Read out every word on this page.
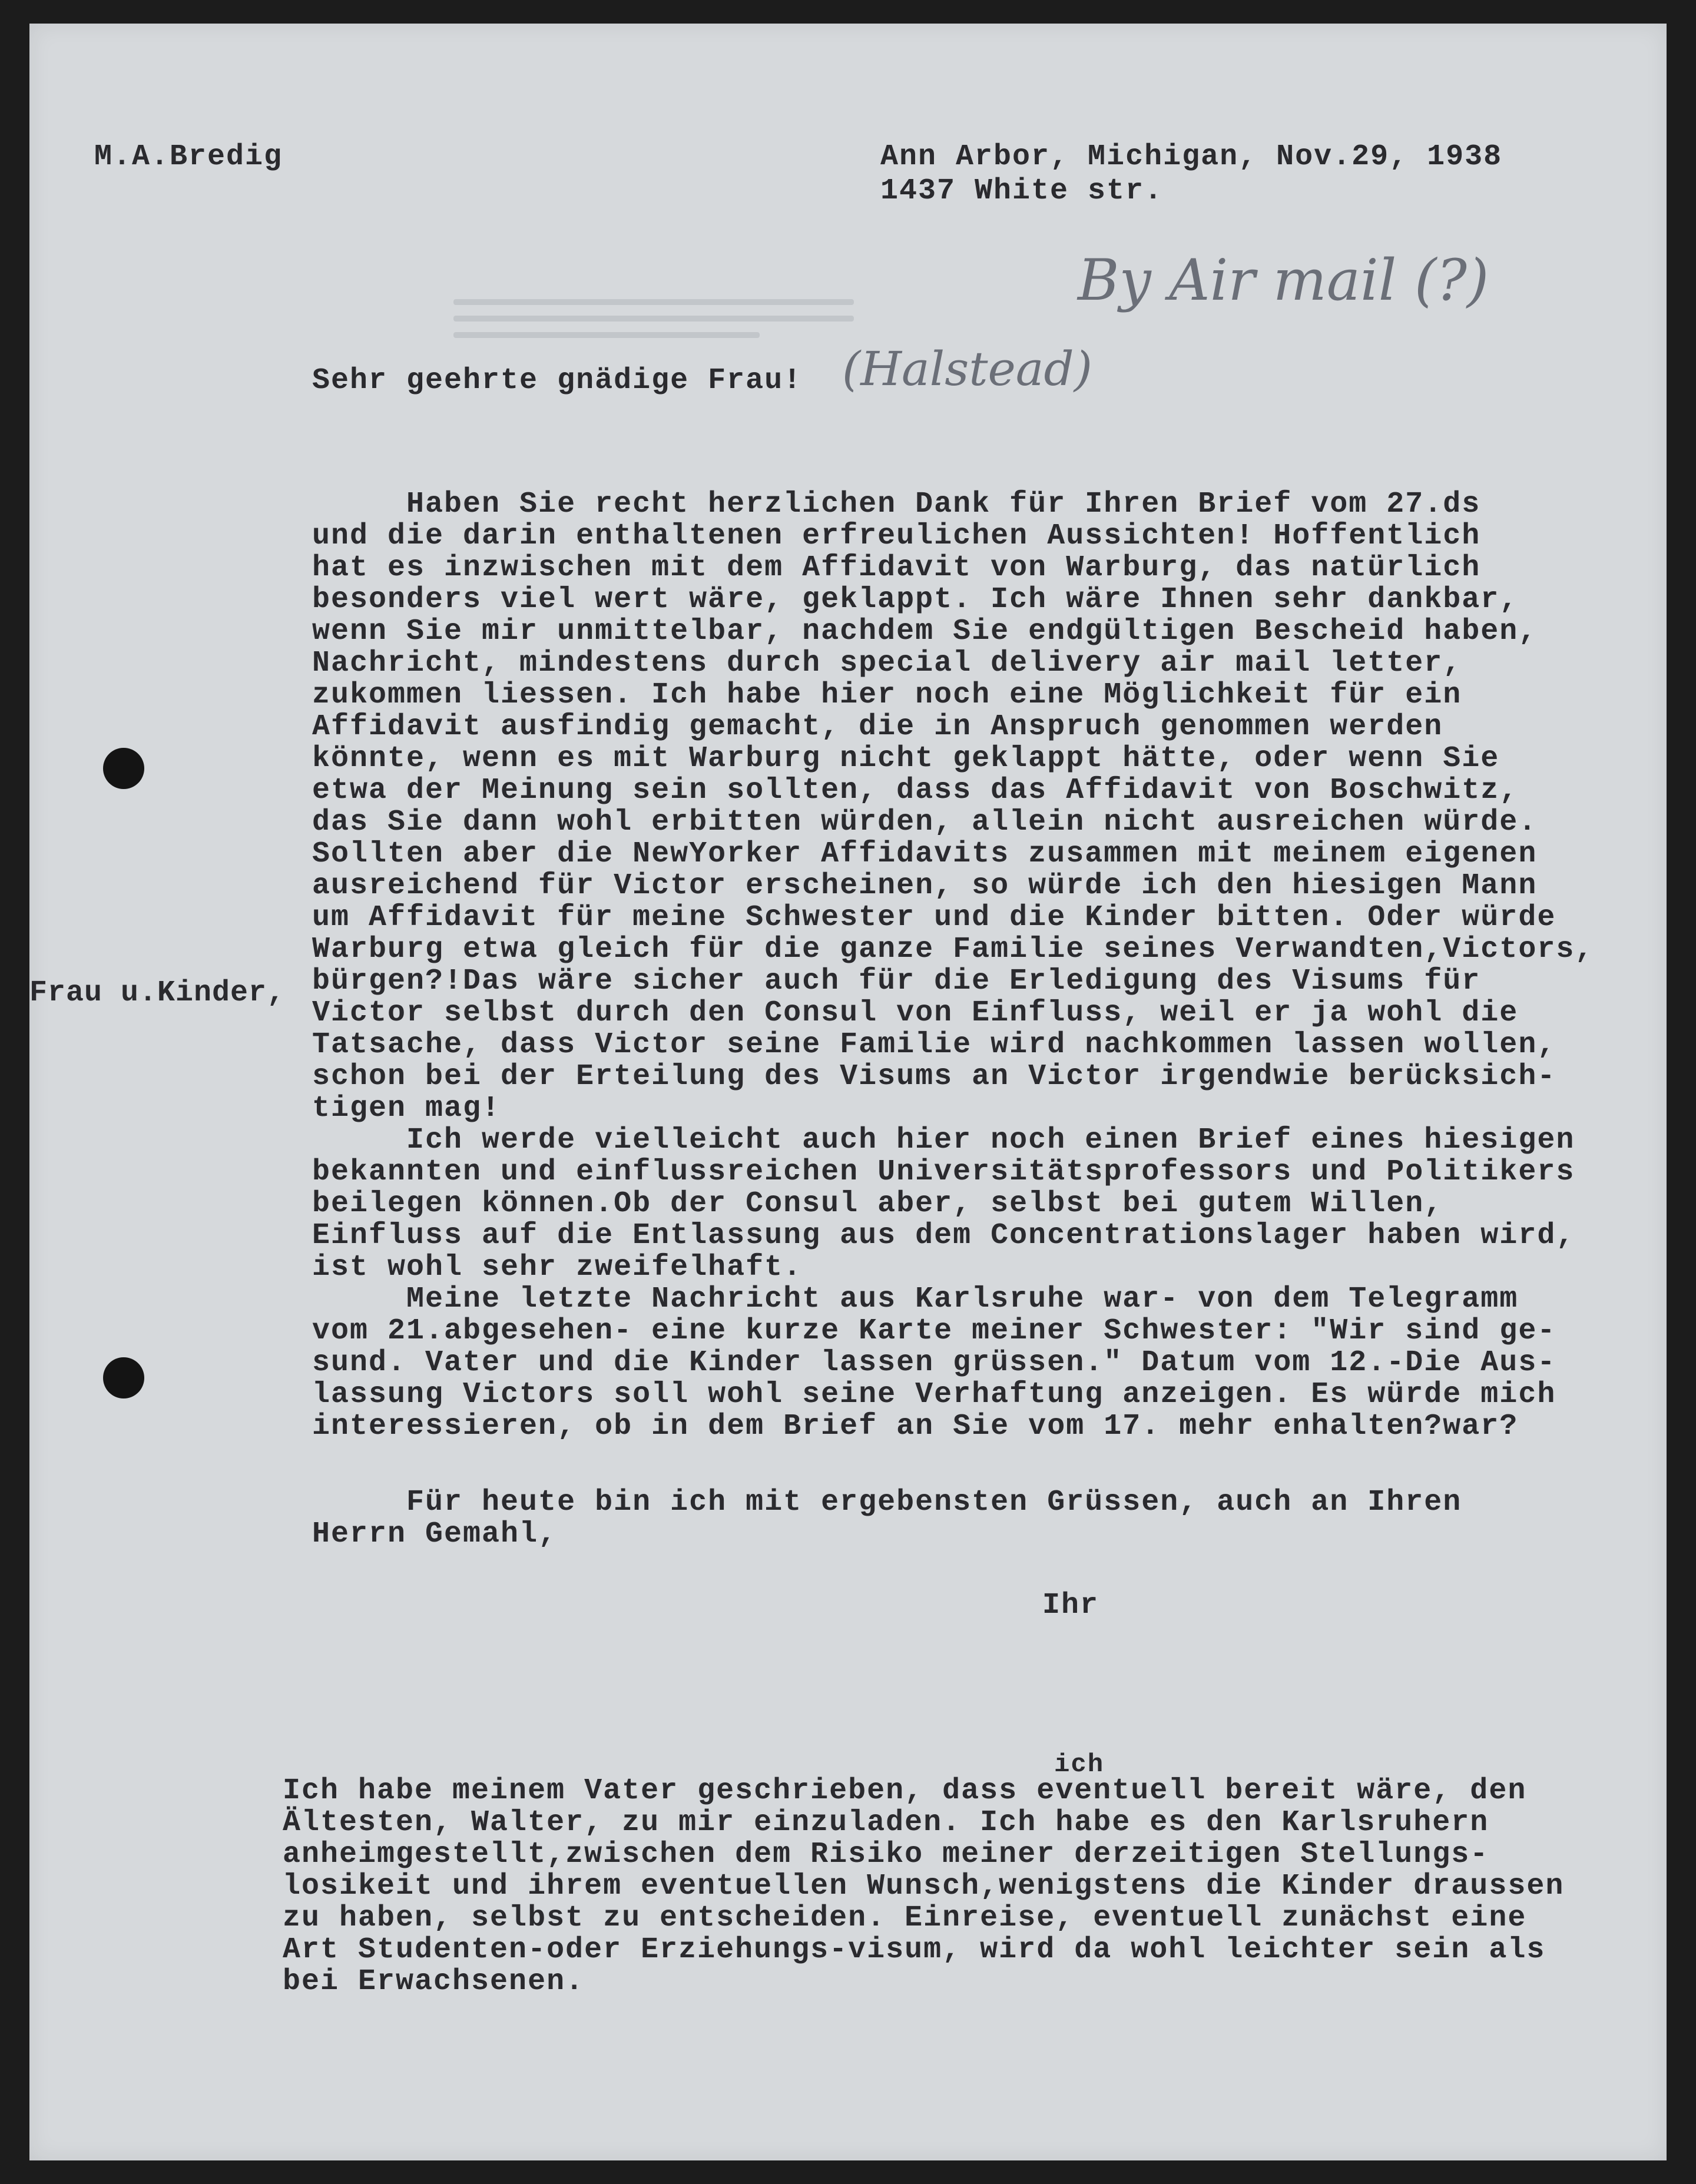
M.A.Bredig	Ann Arbor, Michigan, Nov.29, 1938
1437 White str.
By Air mail (?)
(Halstead)
Sehr geehrte gnädige Frau!
Frau u.Kinder,
Haben Sie recht herzlichen Dank für Ihren Brief vom 27.ds
und die darin enthaltenen erfreulichen Aussichten! Hoffentlich
hat es inzwischen mit dem Affidavit von Warburg, das natürlich
besonders viel wert wäre, geklappt. Ich wäre Ihnen sehr dankbar,
wenn Sie mir unmittelbar, nachdem Sie endgültigen Bescheid haben,
Nachricht, mindestens durch special delivery air mail letter,
zukommen liessen. Ich habe hier noch eine Möglichkeit für ein
Affidavit ausfindig gemacht, die in Anspruch genommen werden
könnte, wenn es mit Warburg nicht geklappt hätte, oder wenn Sie
etwa der Meinung sein sollten, dass das Affidavit von Boschwitz,
das Sie dann wohl erbitten würden, allein nicht ausreichen würde.
Sollten aber die NewYorker Affidavits zusammen mit meinem eigenen
ausreichend für Victor erscheinen, so würde ich den hiesigen Mann
um Affidavit für meine Schwester und die Kinder bitten. Oder würde
Warburg etwa gleich für die ganze Familie seines Verwandten,Victors,
bürgen?!Das wäre sicher auch für die Erledigung des Visums für
Victor selbst durch den Consul von Einfluss, weil er ja wohl die
Tatsache, dass Victor seine Familie wird nachkommen lassen wollen,
schon bei der Erteilung des Visums an Victor irgendwie berücksich-
tigen mag!
Ich werde vielleicht auch hier noch einen Brief eines hiesigen
bekannten und einflussreichen Universitätsprofessors und Politikers
beilegen können.Ob der Consul aber, selbst bei gutem Willen,
Einfluss auf die Entlassung aus dem Concentrationslager haben wird,
ist wohl sehr zweifelhaft.
Meine letzte Nachricht aus Karlsruhe war- von dem Telegramm
vom 21.abgesehen- eine kurze Karte meiner Schwester: "Wir sind ge-
sund. Vater und die Kinder lassen grüssen." Datum vom 12.-Die Aus-
lassung Victors soll wohl seine Verhaftung anzeigen. Es würde mich
interessieren, ob in dem Brief an Sie vom 17. mehr enhalten?war?
Für heute bin ich mit ergebensten Grüssen, auch an Ihren
Herrn Gemahl,
Ihr
ich
Ich habe meinem Vater geschrieben, dass eventuell bereit wäre, den
Ältesten, Walter, zu mir einzuladen. Ich habe es den Karlsruhern
anheimgestellt,zwischen dem Risiko meiner derzeitigen Stellungs-
losikeit und ihrem eventuellen Wunsch,wenigstens die Kinder draussen
zu haben, selbst zu entscheiden. Einreise, eventuell zunächst eine
Art Studenten-oder Erziehungs-visum, wird da wohl leichter sein als
bei Erwachsenen.
